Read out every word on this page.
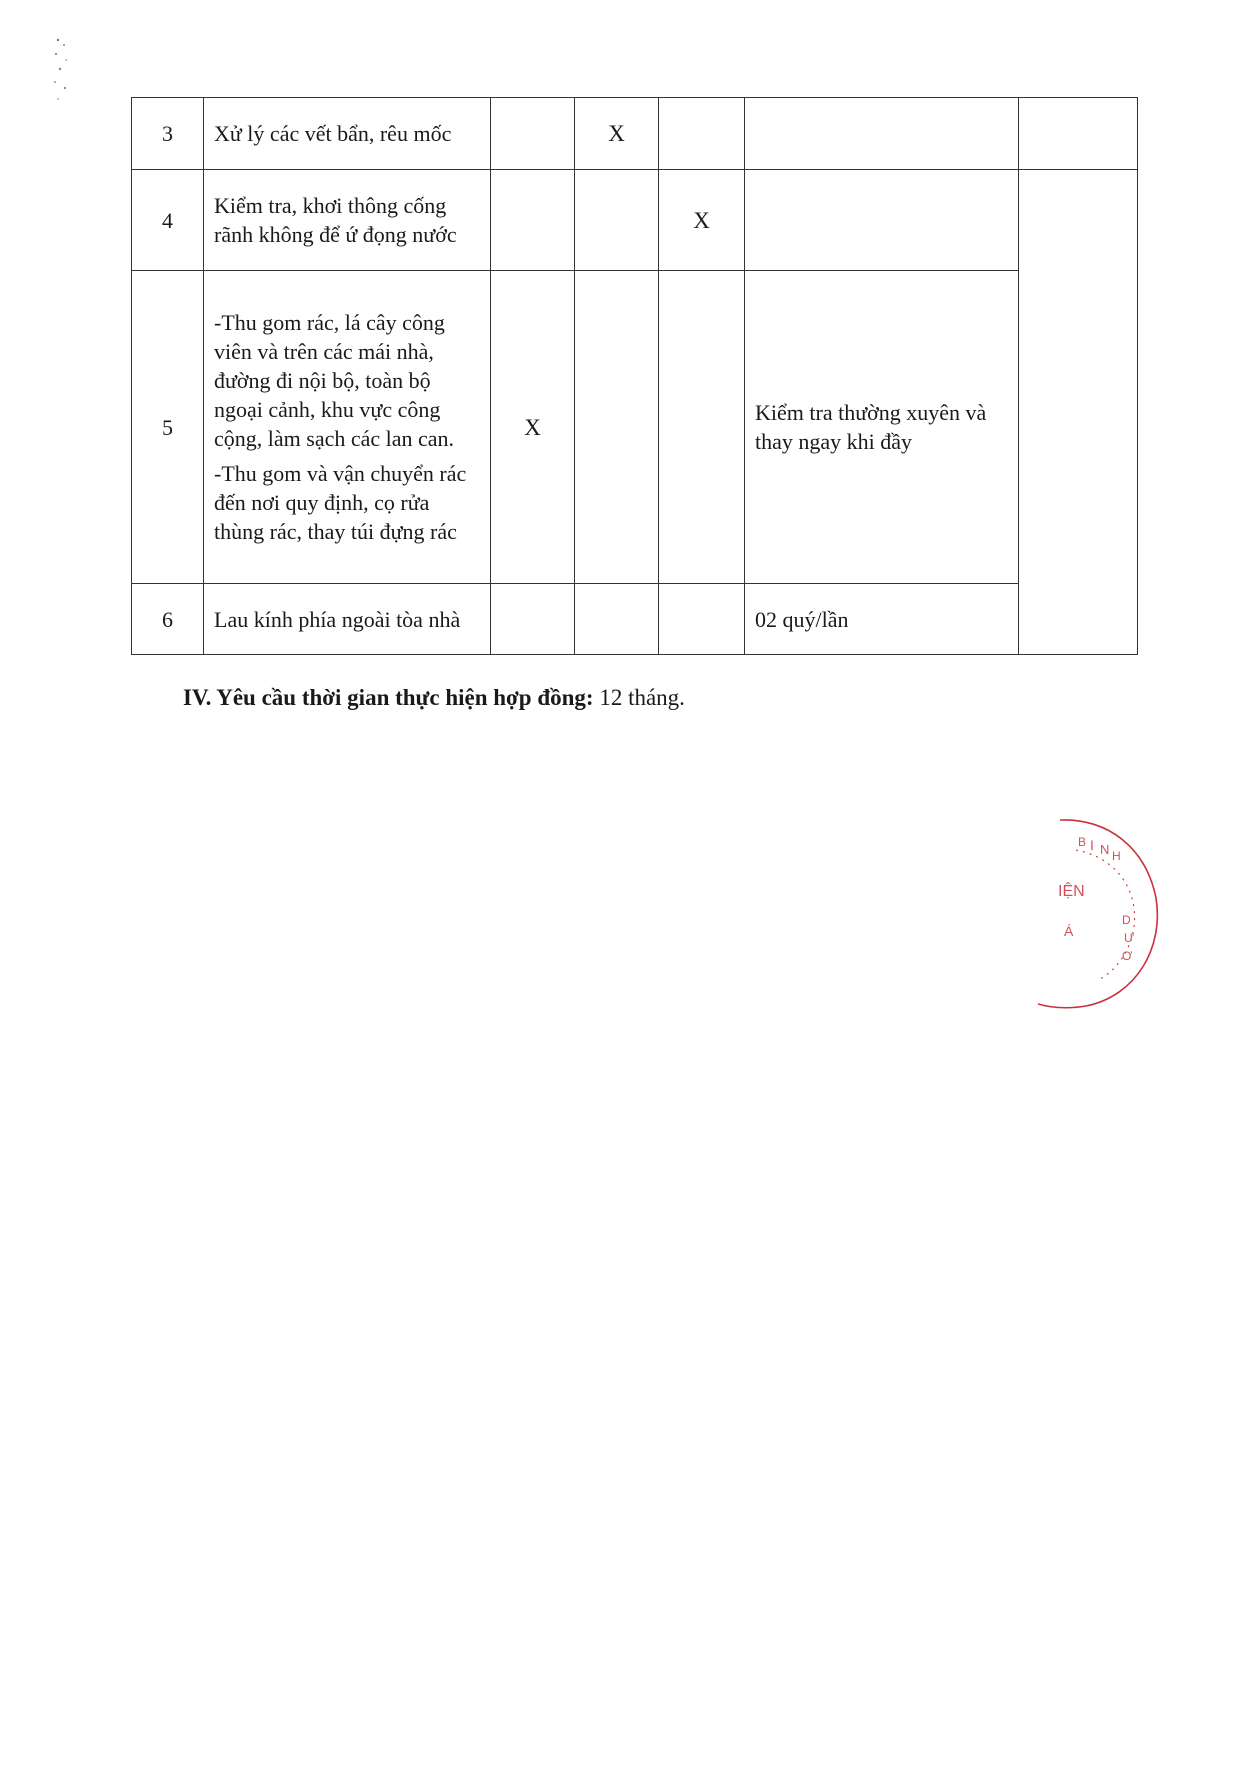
3	Xử lý các vết bẩn, rêu mốc		X			
4	Kiểm tra, khơi thông cống rãnh không để ứ đọng nước			X		
5	-Thu gom rác, lá cây công viên và trên các mái nhà, đường đi nội bộ, toàn bộ ngoại cảnh, khu vực công cộng, làm sạch các lan can.
-Thu gom và vận chuyển rác đến nơi quy định, cọ rửa thùng rác, thay túi đựng rác	X			Kiểm tra thường xuyên và thay ngay khi đầy	
6	Lau kính phía ngoài tòa nhà				02 quý/lần	
IV. Yêu cầu thời gian thực hiện hợp đồng: 12 tháng.
B I N H
IỆN
Á
D
Ư
Ơ
